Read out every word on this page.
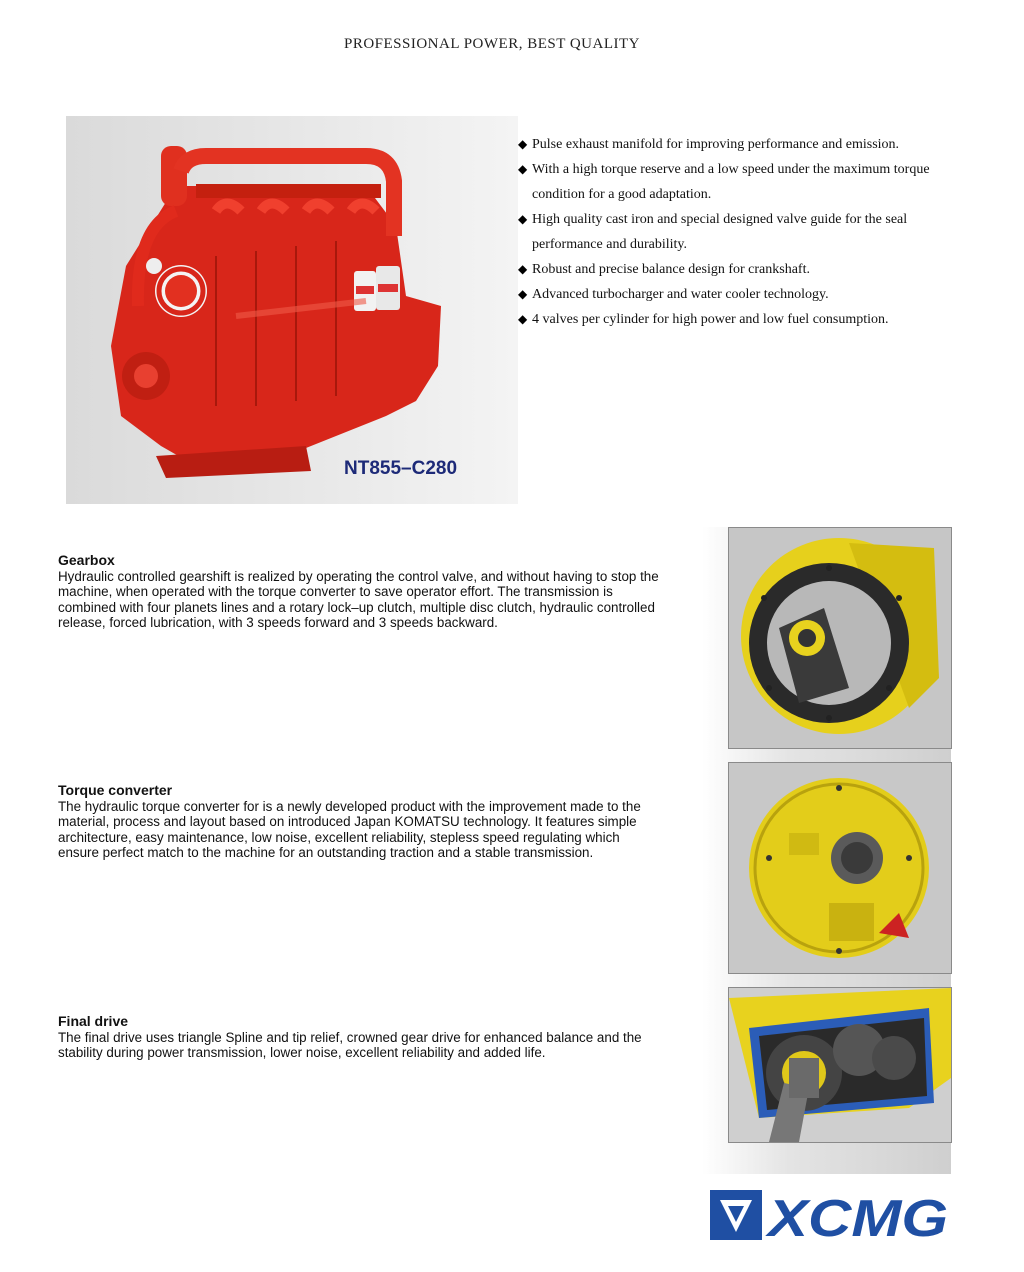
PROFESSIONAL POWER, BEST QUALITY
NT855–C280
◆ Pulse exhaust manifold for improving performance and emission.
◆ With a high torque reserve and a low speed under the maximum torque condition for a good adaptation.
◆ High quality cast iron and special designed valve guide for the seal performance and durability.
◆ Robust and precise balance design for crankshaft.
◆ Advanced turbocharger and water cooler technology.
◆ 4 valves per cylinder for high power and low fuel consumption.
Gearbox
Hydraulic controlled gearshift is realized by operating the control valve, and without having to stop the machine, when operated with the torque converter to save operator effort. The transmission is combined with four planets lines and a rotary lock–up clutch, multiple disc clutch, hydraulic controlled release, forced lubrication, with 3 speeds forward and 3 speeds backward.
Torque converter
The hydraulic torque converter for is a newly developed product with the improvement made to the material, process and layout based on introduced Japan KOMATSU technology. It features simple architecture, easy maintenance, low noise, excellent reliability, stepless speed regulating which ensure perfect match to the machine for an outstanding traction and a stable transmission.
Final drive
The final drive uses triangle Spline and tip relief, crowned gear drive for enhanced balance and the stability during power transmission, lower noise, excellent reliability and added life.
XCMG
